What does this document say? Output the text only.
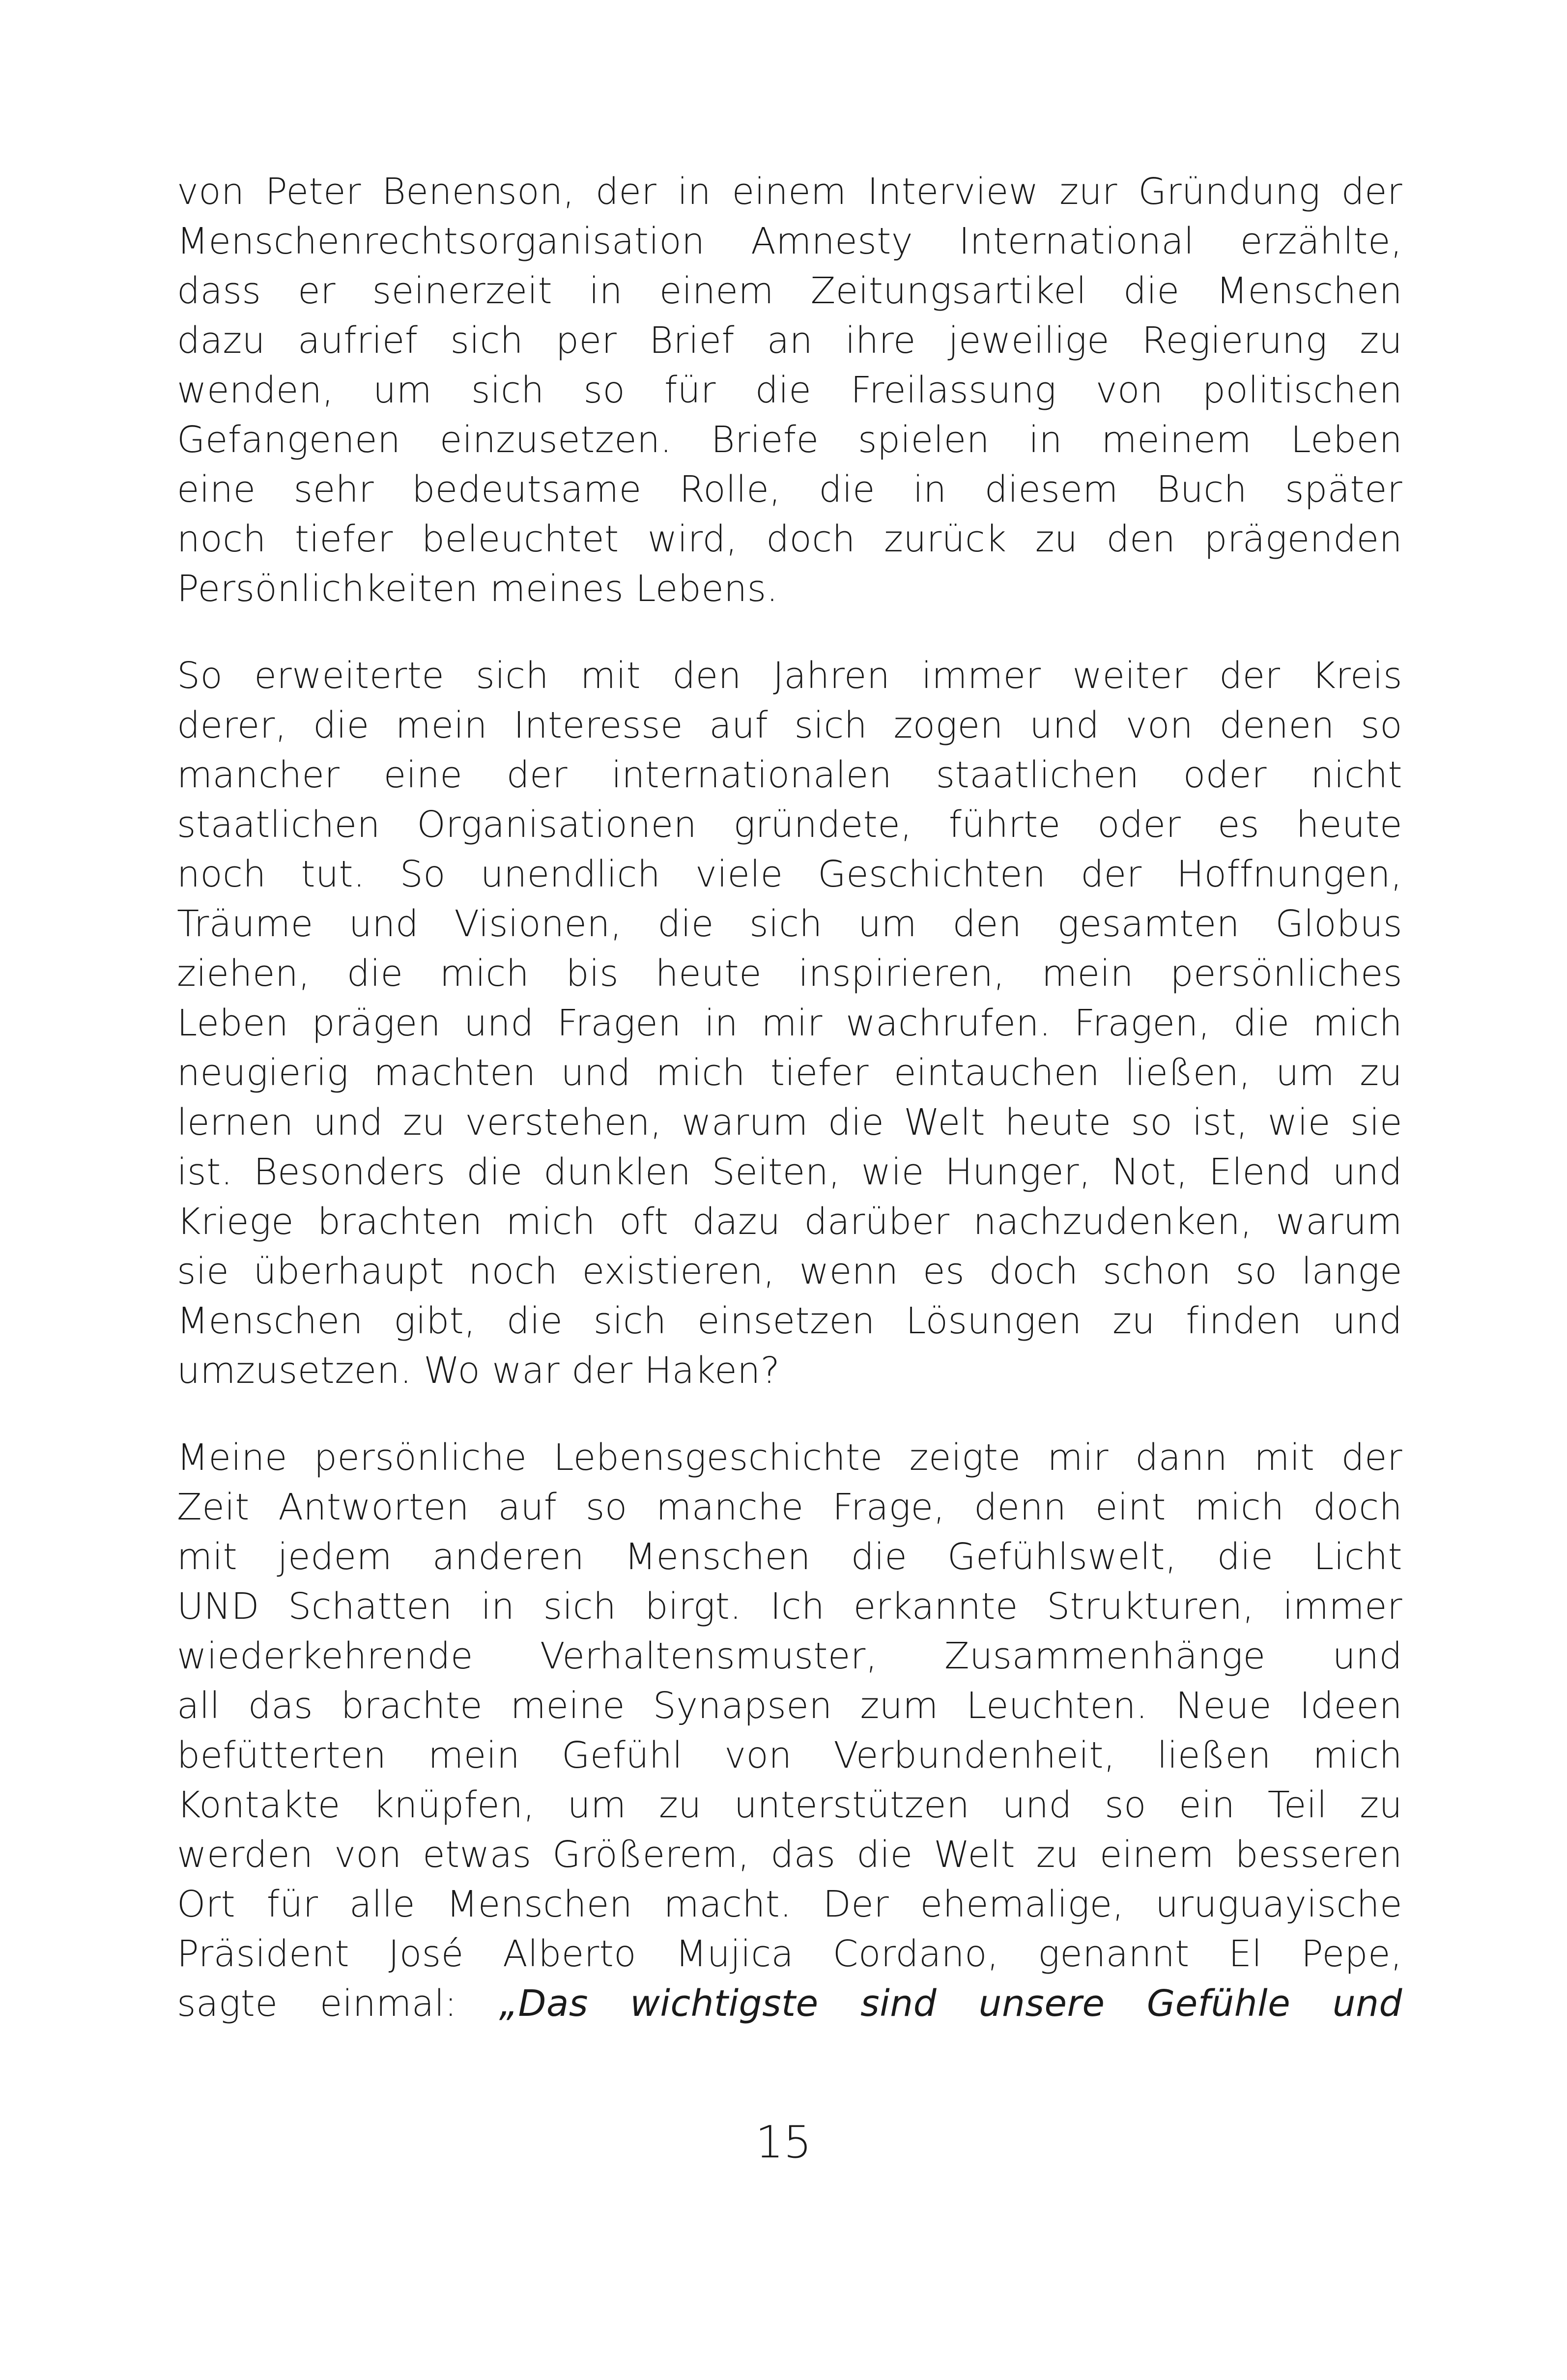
von Peter Benenson, der in einem Interview zur Gründung der
Menschenrechtsorganisation Amnesty International erzählte,
dass er seinerzeit in einem Zeitungsartikel die Menschen
dazu aufrief sich per Brief an ihre jeweilige Regierung zu
wenden, um sich so für die Freilassung von politischen
Gefangenen einzusetzen. Briefe spielen in meinem Leben
eine sehr bedeutsame Rolle, die in diesem Buch später
noch tiefer beleuchtet wird, doch zurück zu den prägenden
Persönlichkeiten meines Lebens.
So erweiterte sich mit den Jahren immer weiter der Kreis
derer, die mein Interesse auf sich zogen und von denen so
mancher eine der internationalen staatlichen oder nicht
staatlichen Organisationen gründete, führte oder es heute
noch tut. So unendlich viele Geschichten der Hoffnungen,
Träume und Visionen, die sich um den gesamten Globus
ziehen, die mich bis heute inspirieren, mein persönliches
Leben prägen und Fragen in mir wachrufen. Fragen, die mich
neugierig machten und mich tiefer eintauchen ließen, um zu
lernen und zu verstehen, warum die Welt heute so ist, wie sie
ist. Besonders die dunklen Seiten, wie Hunger, Not, Elend und
Kriege brachten mich oft dazu darüber nachzudenken, warum
sie überhaupt noch existieren, wenn es doch schon so lange
Menschen gibt, die sich einsetzen Lösungen zu finden und
umzusetzen. Wo war der Haken?
Meine persönliche Lebensgeschichte zeigte mir dann mit der
Zeit Antworten auf so manche Frage, denn eint mich doch
mit jedem anderen Menschen die Gefühlswelt, die Licht
UND Schatten in sich birgt. Ich erkannte Strukturen, immer
wiederkehrende Verhaltensmuster, Zusammenhänge und
all das brachte meine Synapsen zum Leuchten. Neue Ideen
befütterten mein Gefühl von Verbundenheit, ließen mich
Kontakte knüpfen, um zu unterstützen und so ein Teil zu
werden von etwas Größerem, das die Welt zu einem besseren
Ort für alle Menschen macht. Der ehemalige, uruguayische
Präsident José Alberto Mujica Cordano, genannt El Pepe,
sagte einmal: „Das wichtigste sind unsere Gefühle und
15
